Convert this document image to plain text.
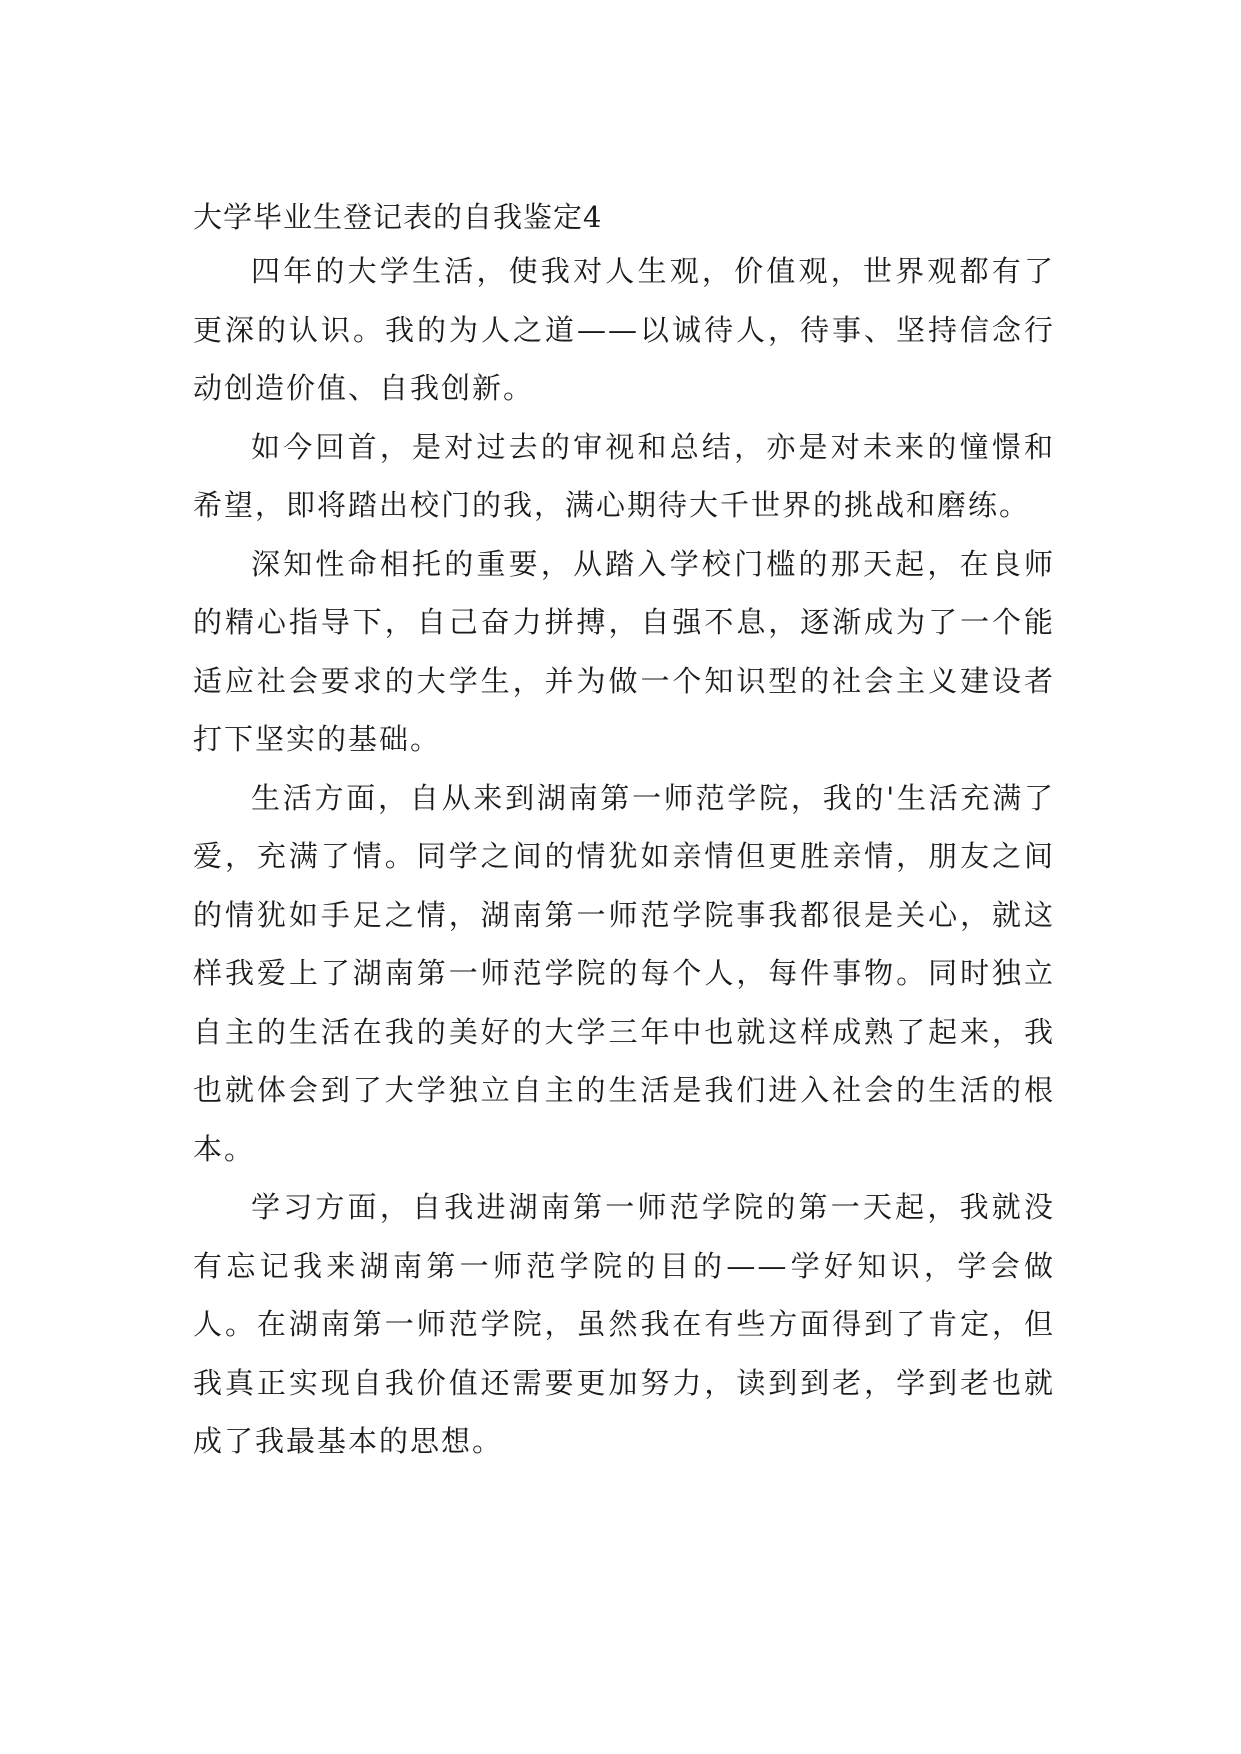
大学毕业生登记表的自我鉴定4

四年的大学生活，使我对人生观，价值观，世界观都有了更深的认识。我的为人之道——以诚待人，待事、坚持信念行动创造价值、自我创新。

如今回首，是对过去的审视和总结，亦是对未来的憧憬和希望，即将踏出校门的我，满心期待大千世界的挑战和磨练。

深知性命相托的重要，从踏入学校门槛的那天起，在良师的精心指导下，自己奋力拼搏，自强不息，逐渐成为了一个能适应社会要求的大学生，并为做一个知识型的社会主义建设者打下坚实的基础。

生活方面，自从来到湖南第一师范学院，我的'生活充满了爱，充满了情。同学之间的情犹如亲情但更胜亲情，朋友之间的情犹如手足之情，湖南第一师范学院事我都很是关心，就这样我爱上了湖南第一师范学院的每个人，每件事物。同时独立自主的生活在我的美好的大学三年中也就这样成熟了起来，我也就体会到了大学独立自主的生活是我们进入社会的生活的根本。

学习方面，自我进湖南第一师范学院的第一天起，我就没有忘记我来湖南第一师范学院的目的——学好知识，学会做人。在湖南第一师范学院，虽然我在有些方面得到了肯定，但我真正实现自我价值还需要更加努力，读到到老，学到老也就成了我最基本的思想。
